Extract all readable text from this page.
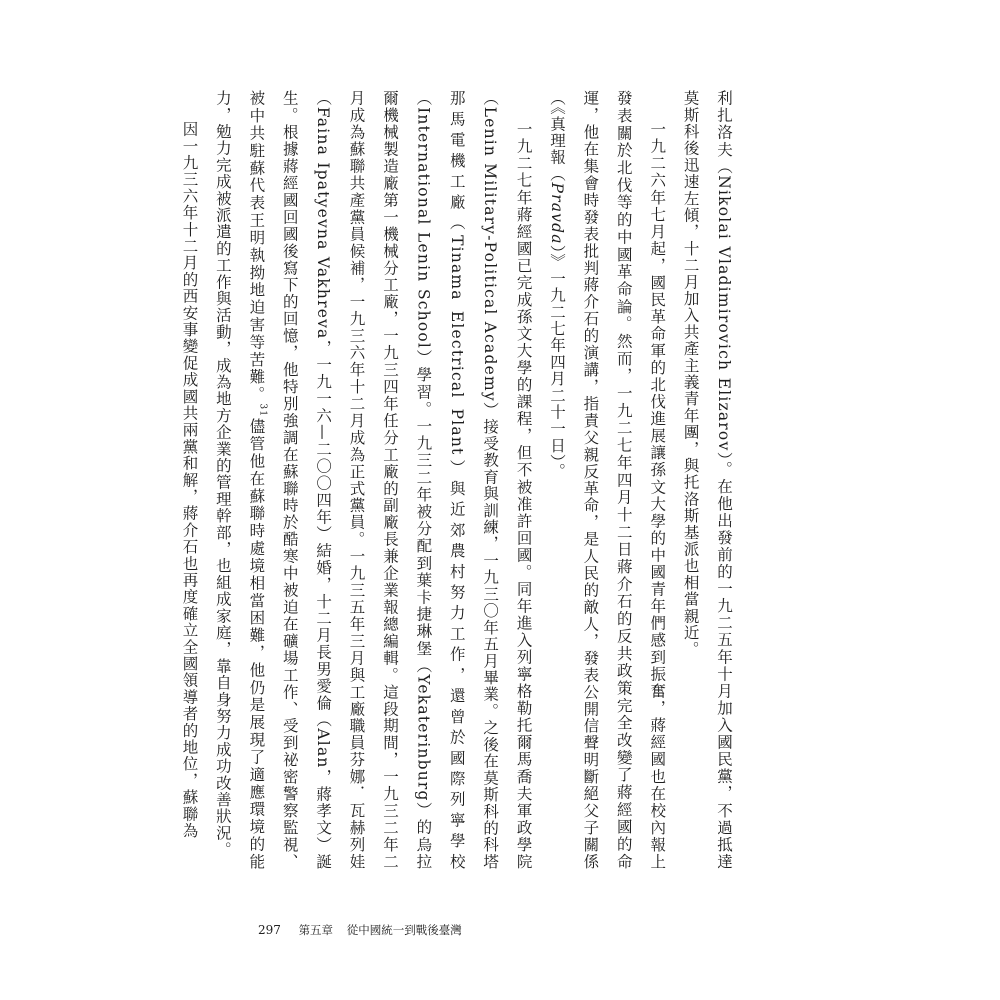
利扎洛夫（Nikolai Vladimirovich Elizarov）。在他出發前的一九二五年十月加入國民黨，不過抵達莫斯科後迅速左傾，十二月加入共產主義青年團，與托洛斯基派也相當親近。

一九二六年七月起，國民革命軍的北伐進展讓孫文大學的中國青年們感到振奮，蔣經國也在校內報上發表關於北伐等的中國革命論。然而，一九二七年四月十二日蔣介石的反共政策完全改變了蔣經國的命運，他在集會時發表批判蔣介石的演講，指責父親反革命，是人民的敵人，發表公開信聲明斷絕父子關係（《真理報（Pravda）》一九二七年四月二十一日）。

一九二七年蔣經國已完成孫文大學的課程，但不被准許回國。同年進入列寧格勒托爾馬喬夫軍政學院（Lenin Military-Political Academy）接受教育與訓練，一九三〇年五月畢業。之後在莫斯科的科塔那馬電機工廠（Tinama Electrical Plant）與近郊農村努力工作，還曾於國際列寧學校（International Lenin School）學習。一九三二年被分配到葉卡捷琳堡（Yekaterinburg）的烏拉爾機械製造廠第一機械分工廠，一九三四年任分工廠的副廠長兼企業報總編輯。這段期間，一九三二年二月成為蘇聯共產黨員候補，一九三六年十二月成為正式黨員。一九三五年三月與工廠職員芬娜．瓦赫列娃（Faina Ipatyevna Vakhreva，一九一六—二〇〇四年）結婚，十二月長男愛倫（Alan，蔣孝文）誕生。根據蔣經國回國後寫下的回憶，他特別強調在蘇聯時於酷寒中被迫在礦場工作、受到祕密警察監視、被中共駐蘇代表王明執拗地迫害等苦難。$^{31}$儘管他在蘇聯時處境相當困難，他仍是展現了適應環境的能力，勉力完成被派遣的工作與活動，成為地方企業的管理幹部，也組成家庭，靠自身努力成功改善狀況。

因一九三六年十二月的西安事變促成國共兩黨和解，蔣介石也再度確立全國領導者的地位，蘇聯為

297 第五章 從中國統一到戰後臺灣
